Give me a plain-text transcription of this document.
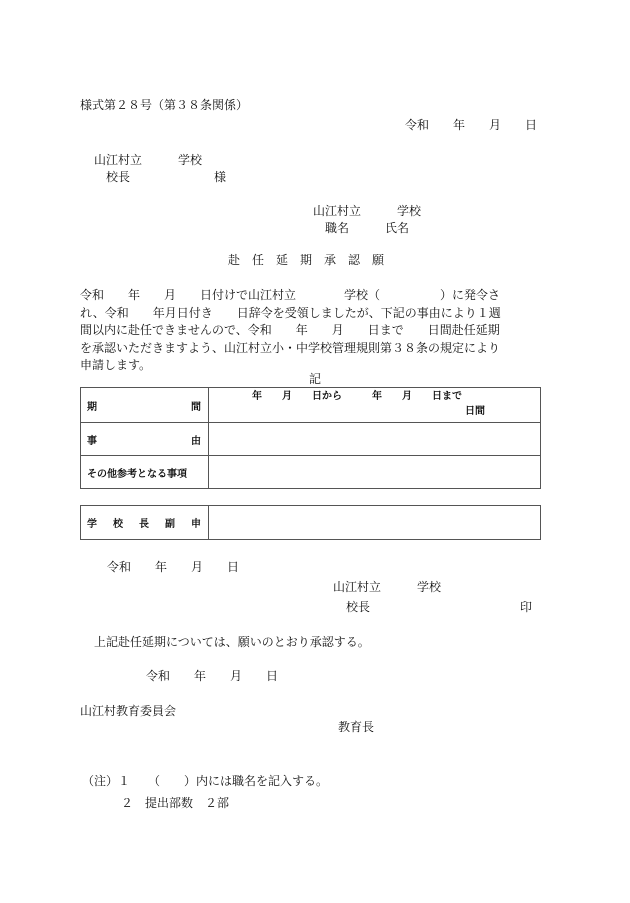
様式第２８号（第３８条関係）

令和　　年　　月　　日

山江村立　　　学校

校長　　　　　　　様

山江村立　　　学校

職名　　　氏名

赴　任　延　期　承　認　願

令和　　年　　月　　日付けで山江村立　　　　学校（　　　　　）に発令さ
れ、令和　　年月日付き　　日辞令を受領しましたが、下記の事由により１週
間以内に赴任できませんので、令和　　年　　月　　日まで　　日間赴任延期
を承認いただきますよう、山江村立小・中学校管理規則第３８条の規定により
申請します。

記

期 間	年　　月　　日から　　　年　　月　　日まで
日間

事 由	

その他参考となる事項	
学 校 長 副 申

令和　　年　　月　　日

山江村立　　　学校

校長	印

上記赴任延期については、願いのとおり承認する。

令和　　年　　月　　日

山江村教育委員会

教育長

（注）１　　（　　）内には職名を記入する。

２　提出部数　２部
